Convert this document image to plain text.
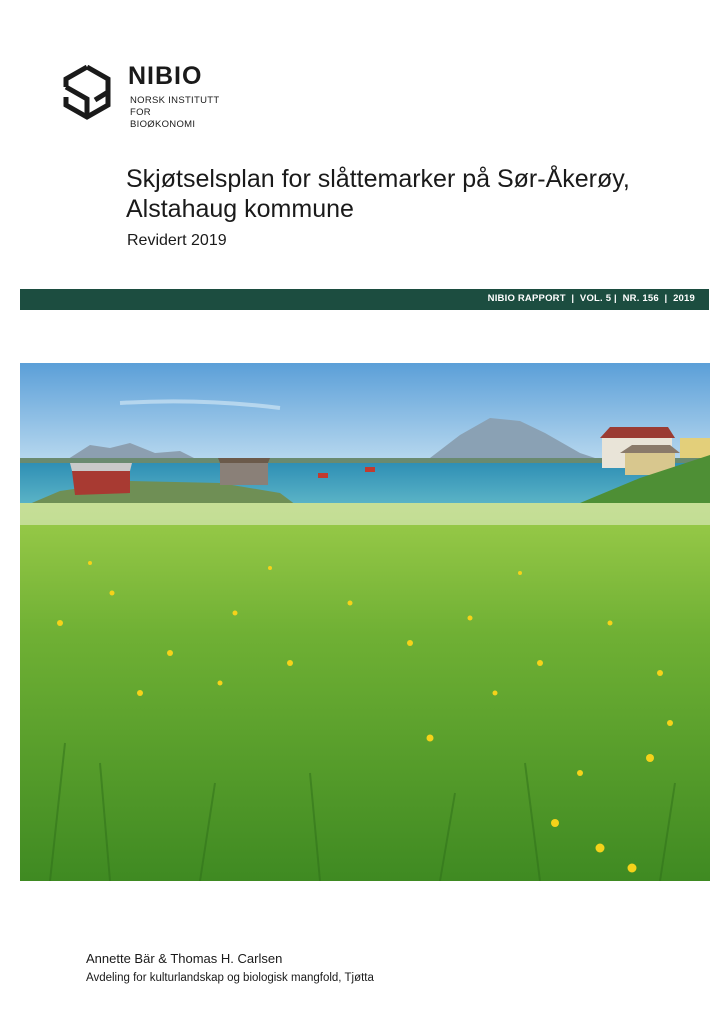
NIBIO
NORSK INSTITUTT FOR
BIOØKONOMI
Skjøtselsplan for slåttemarker på Sør-Åkerøy,
Alstahaug kommune
Revidert 2019
NIBIO RAPPORT  |  VOL. 5 |  NR. 156  |  2019
Annette Bär & Thomas H. Carlsen
Avdeling for kulturlandskap og biologisk mangfold, Tjøtta
